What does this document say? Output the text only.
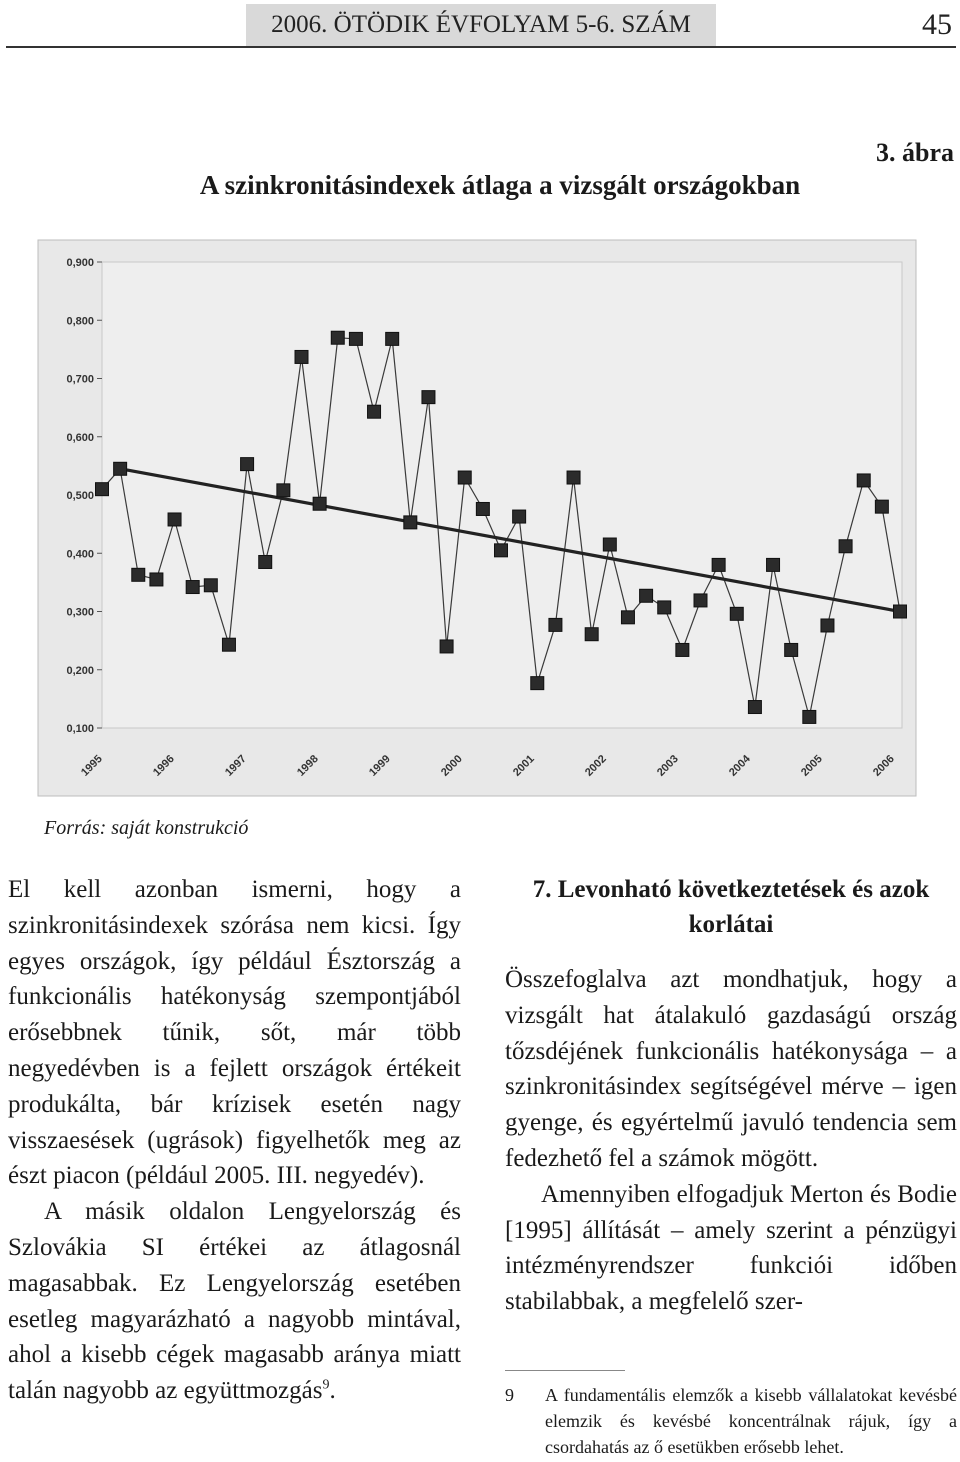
2006. ÖTÖDIK ÉVFOLYAM 5-6. SZÁM	45
3. ábra
A szinkronitásindexek átlaga a vizsgált országokban
0,100
0,200
0,300
0,400
0,500
0,600
0,700
0,800
0,900
1995	1996	1997	1998	1999	2000	2001	2002	2003	2004	2005	2006
Forrás: saját konstrukció

El kell azonban ismerni, hogy a szinkronitásindexek szórása nem kicsi. Így egyes országok, így például Észtország a funkcionális hatékonyság szempontjából erősebbnek tűnik, sőt, már több negyedévben is a fejlett országok értékeit produkálta, bár krízisek esetén nagy visszaesések (ugrások) figyelhetők meg az észt piacon (például 2005. III. negyedév).

A másik oldalon Lengyelország és Szlovákia SI értékei az átlagosnál magasabbak. Ez Lengyelország esetében esetleg magyarázható a nagyobb mintával, ahol a kisebb cégek magasabb aránya miatt talán nagyobb az együttmozgás$^9$.

7. Levonható következtetések és azok korlátai

Összefoglalva azt mondhatjuk, hogy a vizsgált hat átalakuló gazdaságú ország tőzsdéjének funkcionális hatékonysága – a szinkronitásindex segítségével mérve – igen gyenge, és egyértelmű javuló tendencia sem fedezhető fel a számok mögött.

Amennyiben elfogadjuk Merton és Bodie [1995] állítását – amely szerint a pénzügyi intézményrendszer funkciói időben stabilabbak, a megfelelő szer-

9 A fundamentális elemzők a kisebb vállalatokat kevésbé elemzik és kevésbé koncentrálnak rájuk, így a csordahatás az ő esetükben erősebb lehet.
